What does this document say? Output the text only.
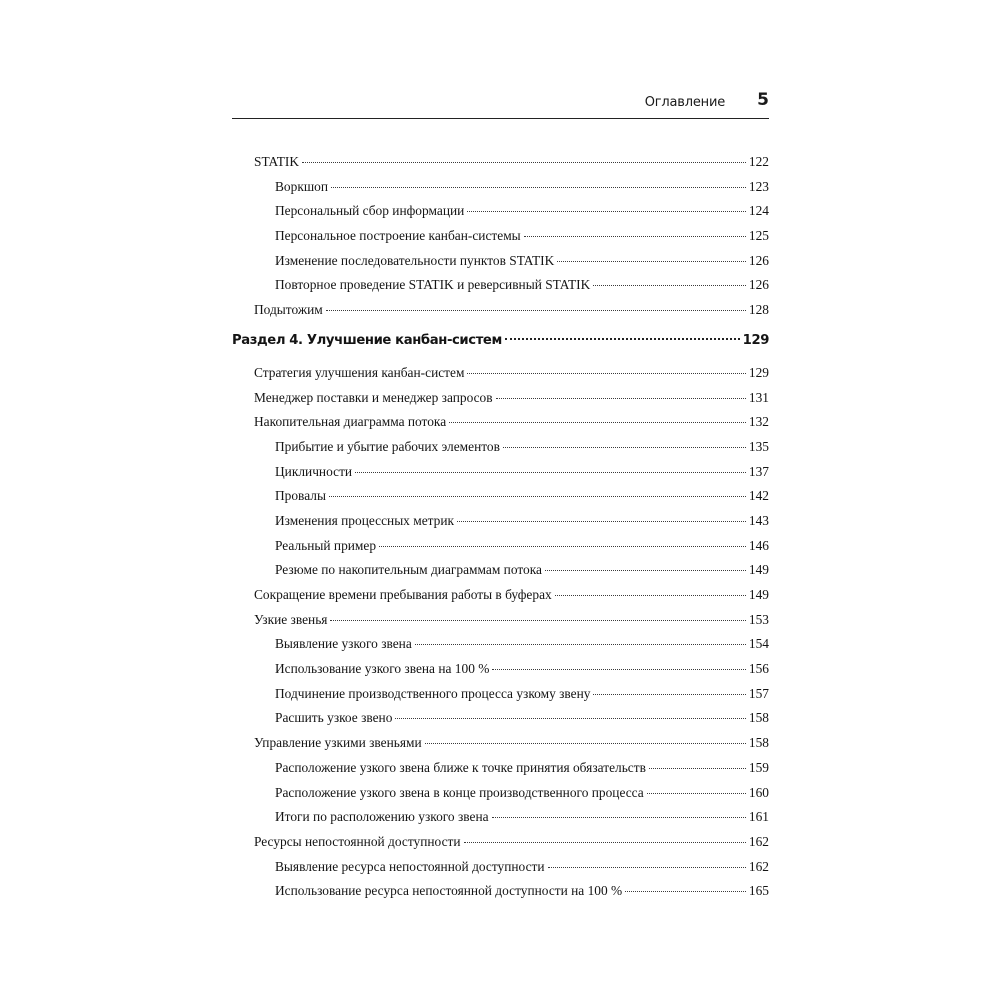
Оглавление 5
STATIK	122
Воркшоп	123
Персональный сбор информации	124
Персональное построение канбан-системы	125
Изменение последовательности пунктов STATIK	126
Повторное проведение STATIK и реверсивный STATIK	126
Подытожим	128
Раздел 4. Улучшение канбан-систем	129
Стратегия улучшения канбан-систем	129
Менеджер поставки и менеджер запросов	131
Накопительная диаграмма потока	132
Прибытие и убытие рабочих элементов	135
Цикличности	137
Провалы	142
Изменения процессных метрик	143
Реальный пример	146
Резюме по накопительным диаграммам потока	149
Сокращение времени пребывания работы в буферах	149
Узкие звенья	153
Выявление узкого звена	154
Использование узкого звена на 100 %	156
Подчинение производственного процесса узкому звену	157
Расшить узкое звено	158
Управление узкими звеньями	158
Расположение узкого звена ближе к точке принятия обязательств	159
Расположение узкого звена в конце производственного процесса	160
Итоги по расположению узкого звена	161
Ресурсы непостоянной доступности	162
Выявление ресурса непостоянной доступности	162
Использование ресурса непостоянной доступности на 100 %	165
